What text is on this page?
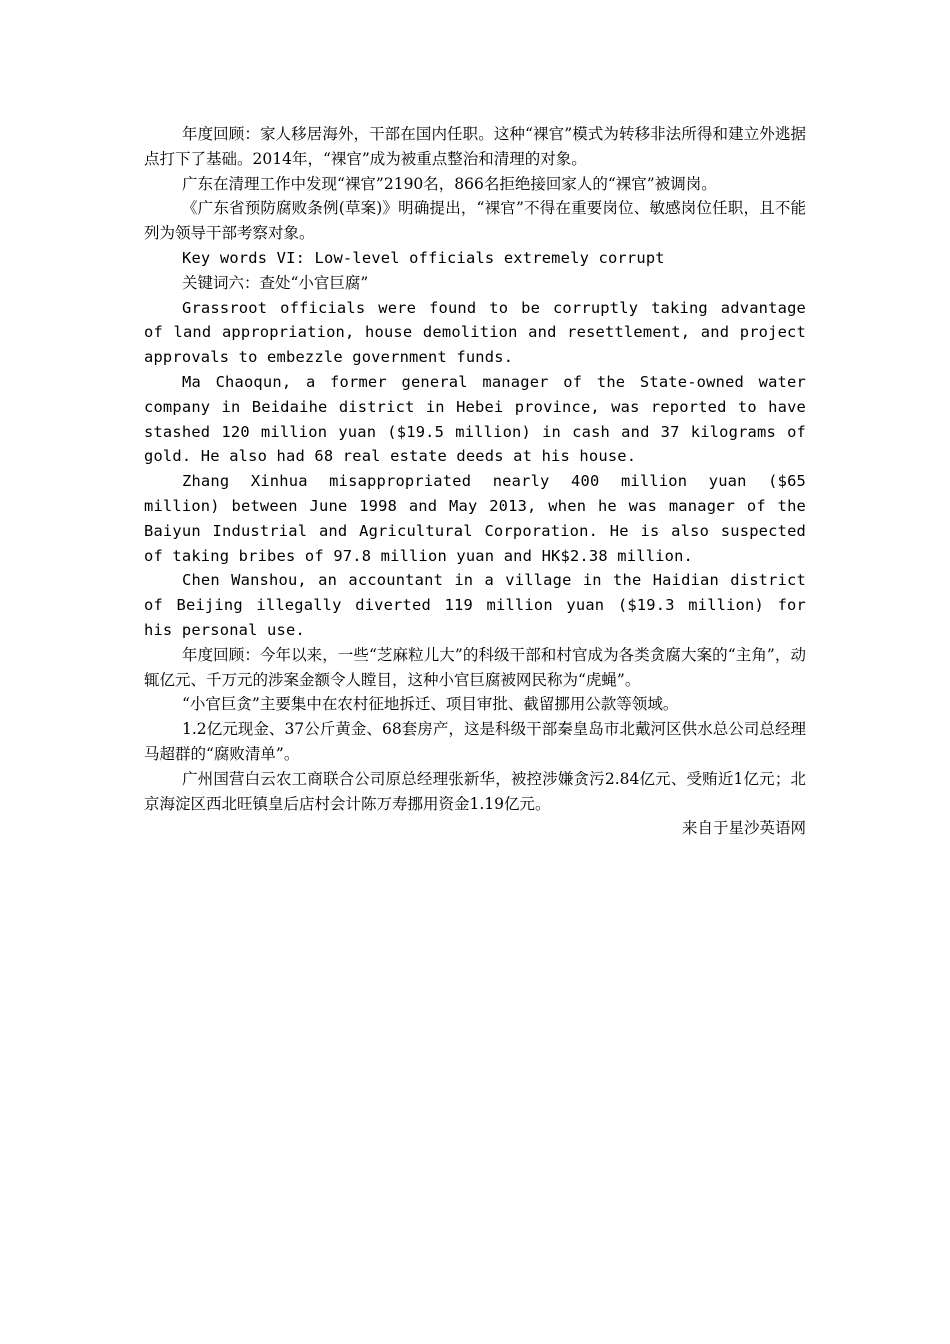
年度回顾：家人移居海外，干部在国内任职。这种“裸官”模式为转移非法所得和建立外逃据点打下了基础。2014年，“裸官”成为被重点整治和清理的对象。

广东在清理工作中发现“裸官”2190名，866名拒绝接回家人的“裸官”被调岗。

《广东省预防腐败条例(草案)》明确提出，“裸官”不得在重要岗位、敏感岗位任职，且不能列为领导干部考察对象。

Key words VI: Low-level officials extremely corrupt

关键词六：查处“小官巨腐”

Grassroot officials were found to be corruptly taking advantage of land appropriation, house demolition and resettlement, and project approvals to embezzle government funds.

Ma Chaoqun, a former general manager of the State-owned water company in Beidaihe district in Hebei province, was reported to have stashed 120 million yuan ($19.5 million) in cash and 37 kilograms of gold. He also had 68 real estate deeds at his house.

Zhang Xinhua misappropriated nearly 400 million yuan ($65 million) between June 1998 and May 2013, when he was manager of the Baiyun Industrial and Agricultural Corporation. He is also suspected of taking bribes of 97.8 million yuan and HK$2.38 million.

Chen Wanshou, an accountant in a village in the Haidian district of Beijing illegally diverted 119 million yuan ($19.3 million) for his personal use.

年度回顾：今年以来，一些“芝麻粒儿大”的科级干部和村官成为各类贪腐大案的“主角”，动辄亿元、千万元的涉案金额令人瞠目，这种小官巨腐被网民称为“虎蝇”。

“小官巨贪”主要集中在农村征地拆迁、项目审批、截留挪用公款等领域。

1.2亿元现金、37公斤黄金、68套房产，这是科级干部秦皇岛市北戴河区供水总公司总经理马超群的“腐败清单”。

广州国营白云农工商联合公司原总经理张新华，被控涉嫌贪污2.84亿元、受贿近1亿元；北京海淀区西北旺镇皇后店村会计陈万寿挪用资金1.19亿元。

来自于星沙英语网
